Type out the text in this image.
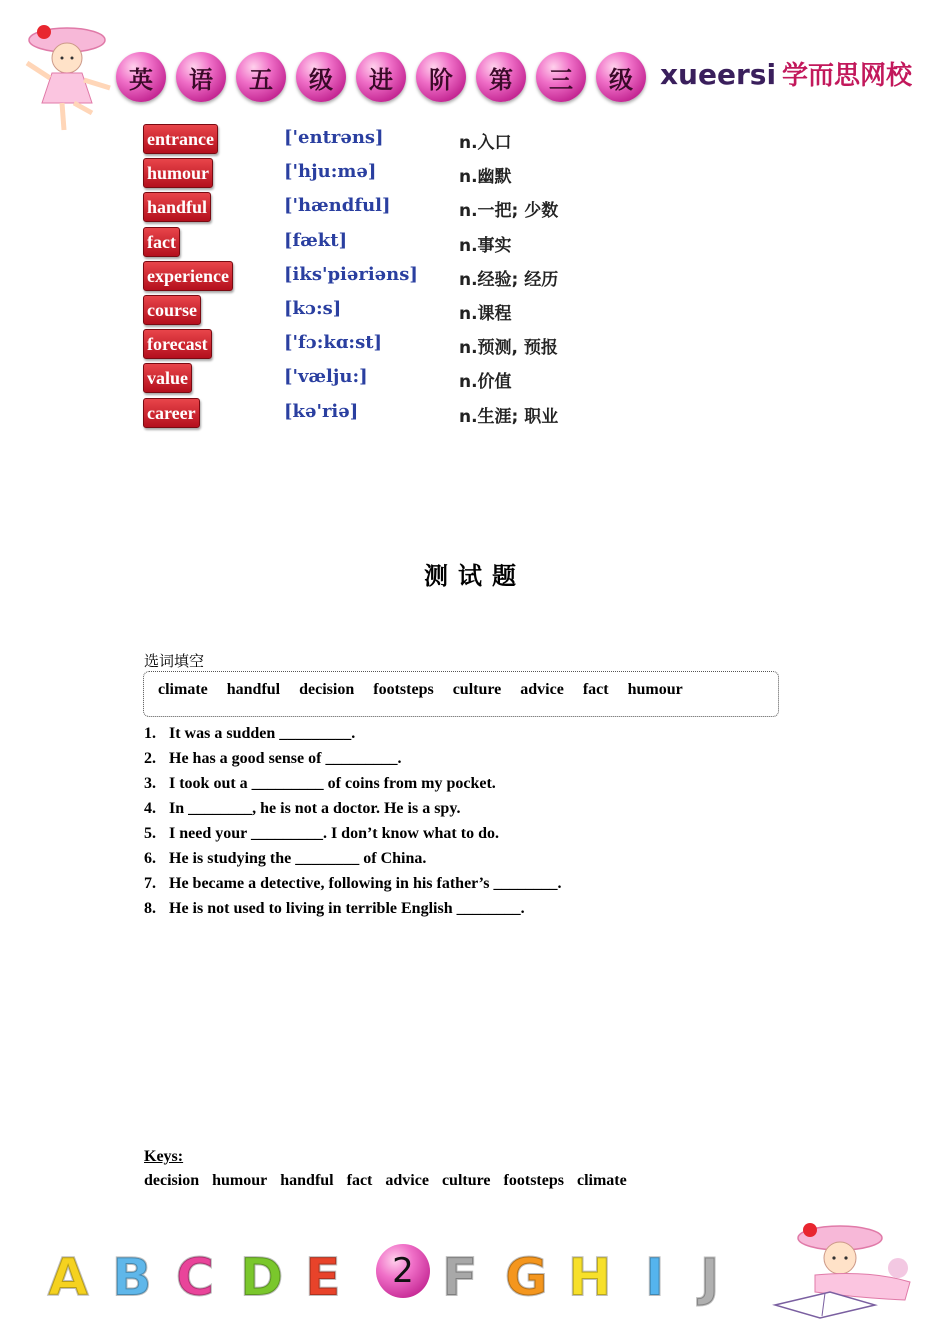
英	语	五	级	进	阶	第	三	级 xueersi 学而思网校
entrance	['entrəns]	n.入口
humour	['hju:mə]	n.幽默
handful	['hændful]	n.一把; 少数
fact	[fækt]	n.事实
experience	[iks'piəriəns] n.经验; 经历
course	[kɔ:s]	n.课程
forecast	['fɔ:kɑ:st]	n.预测, 预报
value	['vælju:]	n.价值
career	[kə'riə]	n.生涯; 职业
测试题
选词填空
climate handful decision footsteps culture advice fact humour
1. It was a sudden _________.
2. He has a good sense of _________.
3. I took out a _________ of coins from my pocket.
4. In ________, he is not a doctor. He is a spy.
5. I need your _________. I don’t know what to do.
6. He is studying the ________ of China.
7. He became a detective, following in his father’s ________.
8. He is not used to living in terrible English ________.
Keys:
decision humour handful fact advice culture footsteps climate
A B C D E	2 F G H I J
